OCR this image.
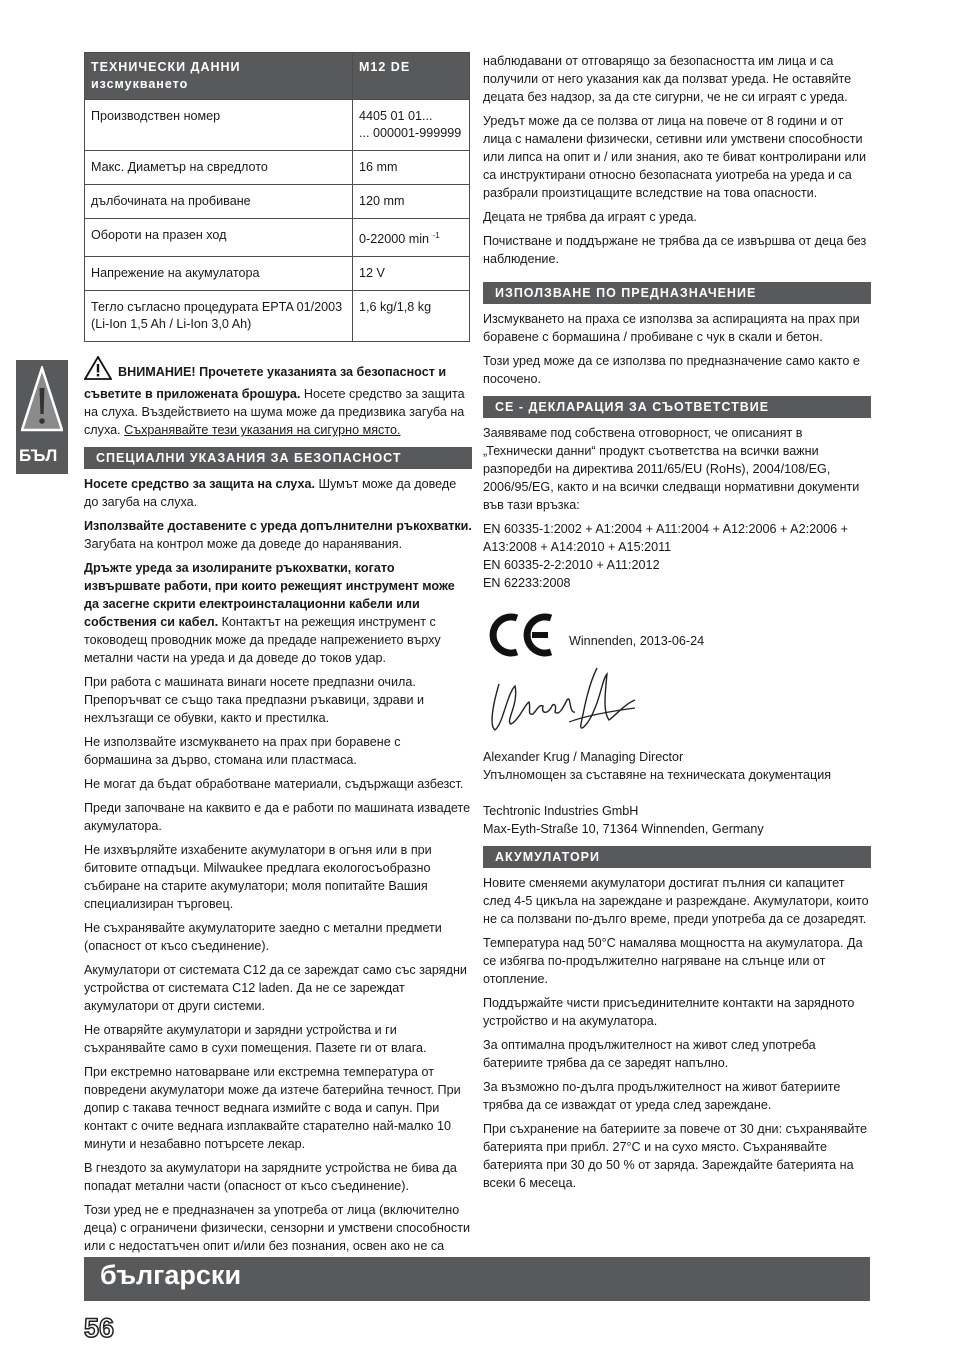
ТЕХНИЧЕСКИ ДАННИ
изсмукването	M12 DE
Производствен номер	4405 01 01...
... 000001-999999
Макс. Диаметър на свредлото	16 mm
дълбочината на пробиване	120 mm
Обороти на празен ход	0-22000 min $^{-1}$
Напрежение на акумулатора	12 V
Тегло съгласно процедурата EPTA 01/2003
(Li-Ion 1,5 Ah / Li-Ion 3,0 Ah)	1,6 kg/1,8 kg
ВНИМАНИЕ! Прочетете указанията за безопасност и съветите в приложената брошура. Носете средство за защита на слуха. Въздействието на шума може да предизвика загуба на слуха. Съхранявайте тези указания на сигурно място.
СПЕЦИАЛНИ УКАЗАНИЯ ЗА БЕЗОПАСНОСТ

Носете средство за защита на слуха. Шумът може да доведе до загуба на слуха.

Използвайте доставените с уреда допълнителни ръкохватки. Загубата на контрол може да доведе до наранявания.

Дръжте уреда за изолираните ръкохватки, когато извършвате работи, при които режещият инструмент може да засегне скрити електроинсталационни кабели или собствения си кабел. Контактът на режещия инструмент с тоководещ проводник може да предаде напрежението върху метални части на уреда и да доведе до токов удар.

При работа с машината винаги носете предпазни очила. Препоръчват се също така предпазни ръкавици, здрави и нехлъзгащи се обувки, както и престилка.

Не използвайте изсмукването на прах при боравене с бормашина за дърво, стомана или пластмаса.

Не могат да бъдат обработване материали, съдържащи азбезст.

Преди започване на каквито е да е работи по машината извадете акумулатора.

Не изхвърляйте изхабените акумулатори в огъня или в при битовите отпадъци. Milwaukee предлага екологосъобразно събиране на старите акумулатори; моля попитайте Вашия специализиран търговец.

Не съхранявайте акумулаторите заедно с метални предмети (опасност от късо съединение).

Акумулатори от системата C12 да се зареждат само със зарядни устройства от системата C12 laden. Да не се зареждат акумулатори от други системи.

Не отваряйте акумулатори и зарядни устройства и ги съхранявайте само в сухи помещения. Пазете ги от влага.

При екстремно натоварване или екстремна температура от повредени акумулатори може да изтече батерийна течност. При допир с такава течност веднага измийте с вода и сапун. При контакт с очите веднага изплаквайте старателно най-малко 10 минути и незабавно потърсете лекар.

В гнездото за акумулатори на зарядните устройства не бива да попадат метални части (опасност от късо съединение).

Този уред не е предназначен за употреба от лица (включително деца) с ограничени физически, сензорни и умствени способности или с недостатъчен опит и/или без познания, освен ако не са

БЪЛ

наблюдавани от отговарящо за безопасността им лица и са получили от него указания как да ползват уреда. Не оставяйте децата без надзор, за да сте сигурни, че не си играят с уреда.

Уредът може да се ползва от лица на повече от 8 години и от лица с намалени физически, сетивни или умствени способности или липса на опит и / или знания, ако те биват контролирани или са инструктирани относно безопасната уиотреба на уреда и са разбрали произтицащите вследствие на това опасности.

Децата не трябва да играят с уреда.

Почистване и поддържане не трябва да се извършва от деца без наблюдение.

ИЗПОЛЗВАНЕ ПО ПРЕДНАЗНАЧЕНИЕ

Изсмукването на праха се използва за аспирацията на прах при боравене с бормашина / пробиване с чук в скали и бетон.

Този уред може да се използва по предназначение само както е посочено.

CE - ДЕКЛАРАЦИЯ ЗА СЪОТВЕТСТВИЕ

Заявяваме под собствена отговорност, че описаният в „Технически данни“ продукт съответства на всички важни разпоредби на директива 2011/65/EU (RoHs), 2004/108/EG, 2006/95/EG, както и на всички следващи нормативни документи във тази връзка:

EN 60335-1:2002 + A1:2004 + A11:2004 + A12:2006 + A2:2006 +
A13:2008 + A14:2010 + A15:2011
EN 60335-2-2:2010 + A11:2012
EN 62233:2008
Winnenden, 2013-06-24
Alexander Krug / Managing Director
Упълномощен за съставяне на техническата документация
Techtronic Industries GmbH
Max-Eyth-Straße 10, 71364 Winnenden, Germany
АКУМУЛАТОРИ

Новите сменяеми акумулатори достигат пълния си капацитет след 4-5 цикъла на зареждане и разреждане. Акумулатори, които не са ползвани по-дълго време, преди употреба да се дозаредят.

Температура над 50°C намалява мощността на акумулатора. Да се избягва по-продължително нагряване на слънце или от отопление.

Поддържайте чисти присъединителните контакти на зарядното устройство и на акумулатора.

За оптимална продължителност на живот след употреба батериите трябва да се заредят напълно.

За възможно по-дълга продължителност на живот батериите трябва да се изваждат от уреда след зареждане.

При съхранение на батериите за повече от 30 дни: съхранявайте батерията при прибл. 27°C и на сухо място. Съхранявайте батерията при 30 до 50 % от заряда. Зареждайте батерията на всеки 6 месеца.

български
56
